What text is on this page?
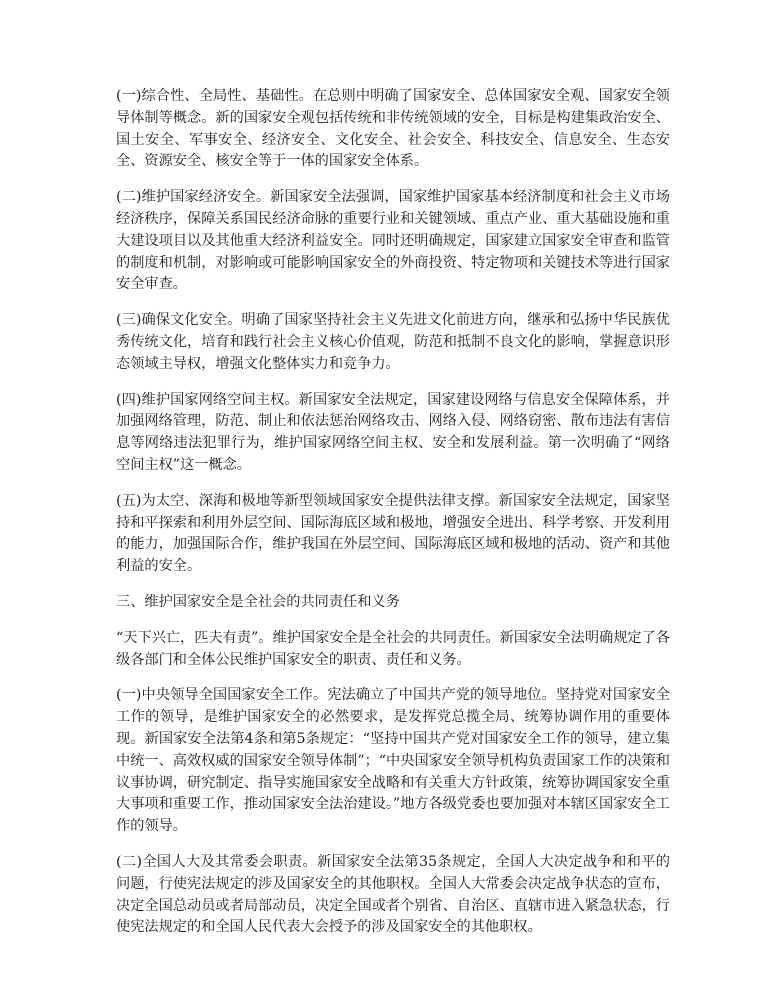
(一)综合性、全局性、基础性。在总则中明确了国家安全、总体国家安全观、国家安全领导体制等概念。新的国家安全观包括传统和非传统领域的安全，目标是构建集政治安全、国土安全、军事安全、经济安全、文化安全、社会安全、科技安全、信息安全、生态安全、资源安全、核安全等于一体的国家安全体系。

(二)维护国家经济安全。新国家安全法强调，国家维护国家基本经济制度和社会主义市场经济秩序，保障关系国民经济命脉的重要行业和关键领域、重点产业、重大基础设施和重大建设项目以及其他重大经济利益安全。同时还明确规定，国家建立国家安全审查和监管的制度和机制，对影响或可能影响国家安全的外商投资、特定物项和关键技术等进行国家安全审查。

(三)确保文化安全。明确了国家坚持社会主义先进文化前进方向，继承和弘扬中华民族优秀传统文化，培育和践行社会主义核心价值观，防范和抵制不良文化的影响，掌握意识形态领域主导权，增强文化整体实力和竞争力。

(四)维护国家网络空间主权。新国家安全法规定，国家建设网络与信息安全保障体系，并加强网络管理，防范、制止和依法惩治网络攻击、网络入侵、网络窃密、散布违法有害信息等网络违法犯罪行为，维护国家网络空间主权、安全和发展利益。第一次明确了“网络空间主权”这一概念。

(五)为太空、深海和极地等新型领域国家安全提供法律支撑。新国家安全法规定，国家坚持和平探索和利用外层空间、国际海底区域和极地，增强安全进出、科学考察、开发利用的能力，加强国际合作，维护我国在外层空间、国际海底区域和极地的活动、资产和其他利益的安全。

三、维护国家安全是全社会的共同责任和义务

“天下兴亡，匹夫有责”。维护国家安全是全社会的共同责任。新国家安全法明确规定了各级各部门和全体公民维护国家安全的职责、责任和义务。

(一)中央领导全国国家安全工作。宪法确立了中国共产党的领导地位。坚持党对国家安全工作的领导，是维护国家安全的必然要求，是发挥党总揽全局、统筹协调作用的重要体现。新国家安全法第4条和第5条规定：“坚持中国共产党对国家安全工作的领导，建立集中统一、高效权威的国家安全领导体制”；“中央国家安全领导机构负责国家工作的决策和议事协调，研究制定、指导实施国家安全战略和有关重大方针政策，统筹协调国家安全重大事项和重要工作，推动国家安全法治建设。”地方各级党委也要加强对本辖区国家安全工作的领导。

(二)全国人大及其常委会职责。新国家安全法第35条规定，全国人大决定战争和和平的问题，行使宪法规定的涉及国家安全的其他职权。全国人大常委会决定战争状态的宣布，决定全国总动员或者局部动员，决定全国或者个别省、自治区、直辖市进入紧急状态，行使宪法规定的和全国人民代表大会授予的涉及国家安全的其他职权。
